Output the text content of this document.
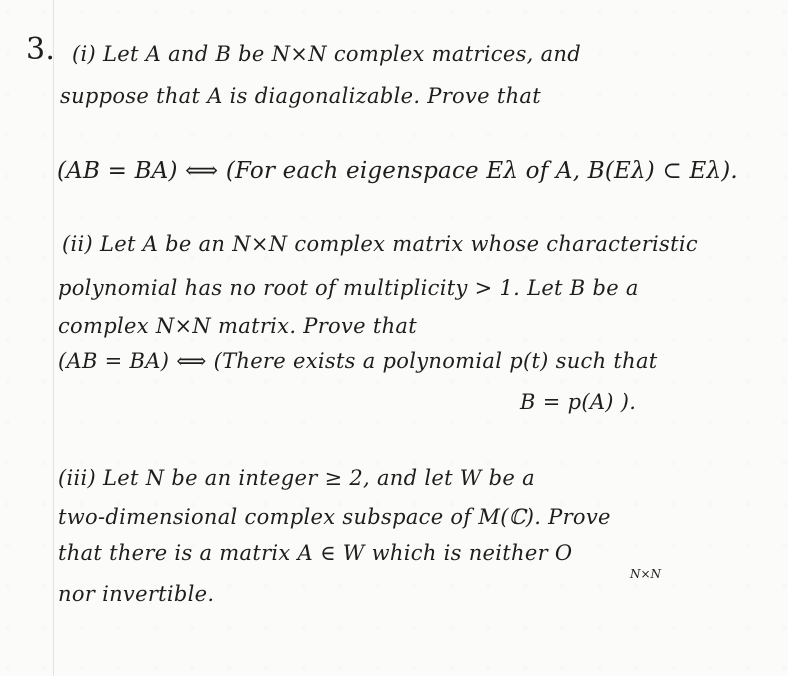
3. (i) Let A and B be N×N complex matrices, and
suppose that A is diagonalizable. Prove that
(AB = BA) ⟺ (For each eigenspace Eλ of A, B(Eλ) ⊂ Eλ).
(ii) Let A be an N×N complex matrix whose characteristic
polynomial has no root of multiplicity > 1. Let B be a
complex N×N matrix. Prove that
(AB = BA) ⟺ (There exists a polynomial p(t) such that
B = p(A) ).
(iii) Let N be an integer ≥ 2, and let W be a
two-dimensional complex subspace of M(ℂ). Prove
that there is a matrix A ∈ W which is neither O
N×N
nor invertible.
